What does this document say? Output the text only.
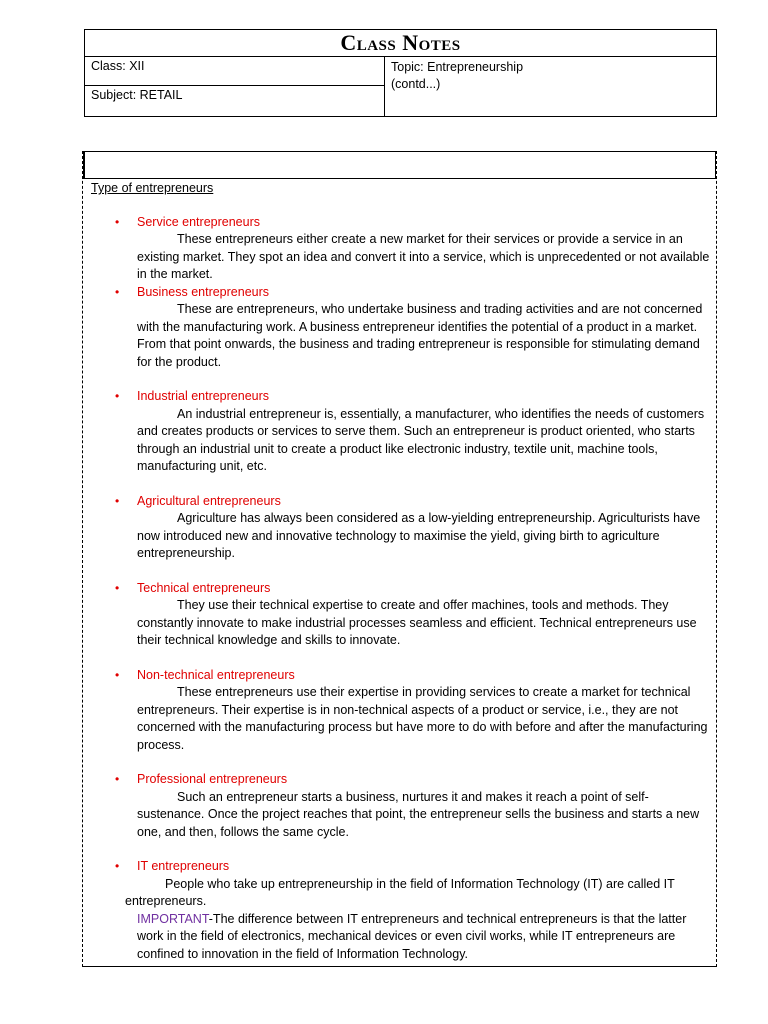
Class Notes
Class: XII
Subject: RETAIL
Topic: Entrepreneurship
(contd...)
Type of entrepreneurs
• Service entrepreneurs
These entrepreneurs either create a new market for their services or provide a service in an existing market. They spot an idea and convert it into a service, which is unprecedented or not available in the market.
• Business entrepreneurs
These are entrepreneurs, who undertake business and trading activities and are not concerned with the manufacturing work. A business entrepreneur identifies the potential of a product in a market. From that point onwards, the business and trading entrepreneur is responsible for stimulating demand for the product.
• Industrial entrepreneurs
An industrial entrepreneur is, essentially, a manufacturer, who identifies the needs of customers and creates products or services to serve them. Such an entrepreneur is product oriented, who starts through an industrial unit to create a product like electronic industry, textile unit, machine tools, manufacturing unit, etc.
• Agricultural entrepreneurs
Agriculture has always been considered as a low-yielding entrepreneurship. Agriculturists have now introduced new and innovative technology to maximise the yield, giving birth to agriculture entrepreneurship.
• Technical entrepreneurs
They use their technical expertise to create and offer machines, tools and methods. They constantly innovate to make industrial processes seamless and efficient. Technical entrepreneurs use their technical knowledge and skills to innovate.
• Non-technical entrepreneurs
These entrepreneurs use their expertise in providing services to create a market for technical entrepreneurs. Their expertise is in non-technical aspects of a product or service, i.e., they are not concerned with the manufacturing process but have more to do with before and after the manufacturing process.
• Professional entrepreneurs
Such an entrepreneur starts a business, nurtures it and makes it reach a point of self-sustenance. Once the project reaches that point, the entrepreneur sells the business and starts a new one, and then, follows the same cycle.
• IT entrepreneurs
People who take up entrepreneurship in the field of Information Technology (IT) are called IT entrepreneurs.
IMPORTANT-The difference between IT entrepreneurs and technical entrepreneurs is that the latter work in the field of electronics, mechanical devices or even civil works, while IT entrepreneurs are confined to innovation in the field of Information Technology.
